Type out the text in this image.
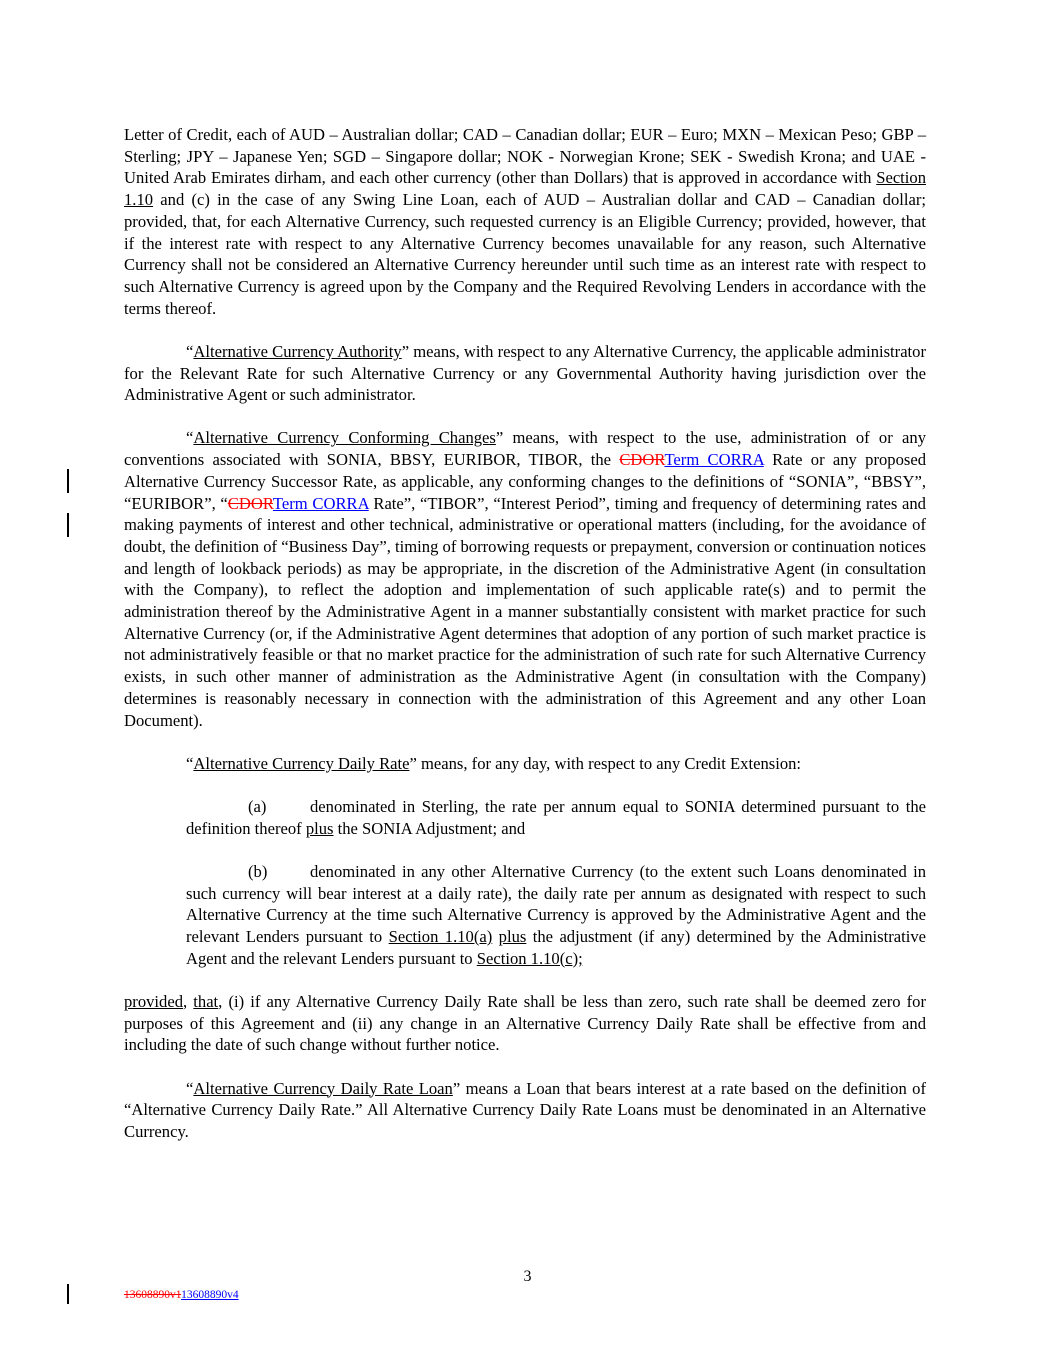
Letter of Credit, each of AUD – Australian dollar; CAD – Canadian dollar; EUR – Euro; MXN – Mexican Peso; GBP – Sterling; JPY – Japanese Yen; SGD – Singapore dollar; NOK - Norwegian Krone; SEK - Swedish Krona; and UAE - United Arab Emirates dirham, and each other currency (other than Dollars) that is approved in accordance with Section 1.10 and (c) in the case of any Swing Line Loan, each of AUD – Australian dollar and CAD – Canadian dollar; provided, that, for each Alternative Currency, such requested currency is an Eligible Currency; provided, however, that if the interest rate with respect to any Alternative Currency becomes unavailable for any reason, such Alternative Currency shall not be considered an Alternative Currency hereunder until such time as an interest rate with respect to such Alternative Currency is agreed upon by the Company and the Required Revolving Lenders in accordance with the terms thereof.

“Alternative Currency Authority” means, with respect to any Alternative Currency, the applicable administrator for the Relevant Rate for such Alternative Currency or any Governmental Authority having jurisdiction over the Administrative Agent or such administrator.

“Alternative Currency Conforming Changes” means, with respect to the use, administration of or any conventions associated with SONIA, BBSY, EURIBOR, TIBOR, the CDORTerm CORRA Rate or any proposed Alternative Currency Successor Rate, as applicable, any conforming changes to the definitions of “SONIA”, “BBSY”, “EURIBOR”, “CDORTerm CORRA Rate”, “TIBOR”, “Interest Period”, timing and frequency of determining rates and making payments of interest and other technical, administrative or operational matters (including, for the avoidance of doubt, the definition of “Business Day”, timing of borrowing requests or prepayment, conversion or continuation notices and length of lookback periods) as may be appropriate, in the discretion of the Administrative Agent (in consultation with the Company), to reflect the adoption and implementation of such applicable rate(s) and to permit the administration thereof by the Administrative Agent in a manner substantially consistent with market practice for such Alternative Currency (or, if the Administrative Agent determines that adoption of any portion of such market practice is not administratively feasible or that no market practice for the administration of such rate for such Alternative Currency exists, in such other manner of administration as the Administrative Agent (in consultation with the Company) determines is reasonably necessary in connection with the administration of this Agreement and any other Loan Document).

“Alternative Currency Daily Rate” means, for any day, with respect to any Credit Extension:

(a)	denominated in Sterling, the rate per annum equal to SONIA determined pursuant to the definition thereof plus the SONIA Adjustment; and

(b)	denominated in any other Alternative Currency (to the extent such Loans denominated in such currency will bear interest at a daily rate), the daily rate per annum as designated with respect to such Alternative Currency at the time such Alternative Currency is approved by the Administrative Agent and the relevant Lenders pursuant to Section 1.10(a) plus the adjustment (if any) determined by the Administrative Agent and the relevant Lenders pursuant to Section 1.10(c);

provided, that, (i) if any Alternative Currency Daily Rate shall be less than zero, such rate shall be deemed zero for purposes of this Agreement and (ii) any change in an Alternative Currency Daily Rate shall be effective from and including the date of such change without further notice.

“Alternative Currency Daily Rate Loan” means a Loan that bears interest at a rate based on the definition of “Alternative Currency Daily Rate.” All Alternative Currency Daily Rate Loans must be denominated in an Alternative Currency.

3
13608890v113608890v4
